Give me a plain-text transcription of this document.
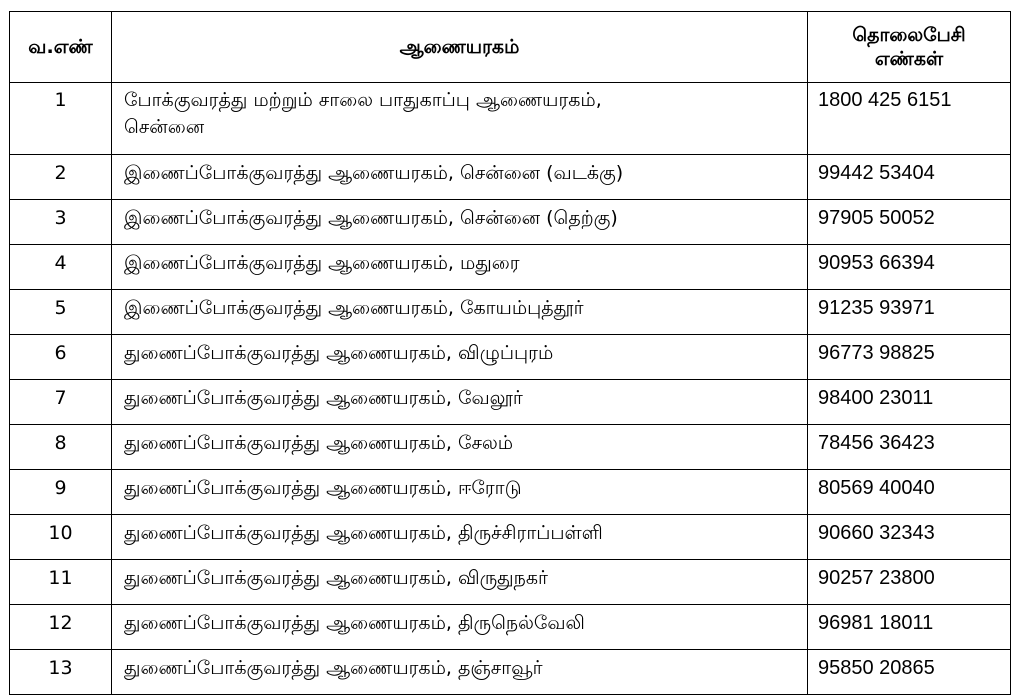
வ.எண்	ஆணையரகம்	தொலைபேசி
எண்கள்

1	போக்குவரத்து மற்றும் சாலை பாதுகாப்பு ஆணையரகம்,
சென்னை	1800 425 6151
2	இணைப்போக்குவரத்து ஆணையரகம், சென்னை (வடக்கு)	99442 53404
3	இணைப்போக்குவரத்து ஆணையரகம், சென்னை (தெற்கு)	97905 50052
4	இணைப்போக்குவரத்து ஆணையரகம், மதுரை	90953 66394
5	இணைப்போக்குவரத்து ஆணையரகம், கோயம்புத்தூர்	91235 93971
6	துணைப்போக்குவரத்து ஆணையரகம், விழுப்புரம்	96773 98825
7	துணைப்போக்குவரத்து ஆணையரகம், வேலூர்	98400 23011
8	துணைப்போக்குவரத்து ஆணையரகம், சேலம்	78456 36423
9	துணைப்போக்குவரத்து ஆணையரகம், ஈரோடு	80569 40040
10	துணைப்போக்குவரத்து ஆணையரகம், திருச்சிராப்பள்ளி	90660 32343
11	துணைப்போக்குவரத்து ஆணையரகம், விருதுநகர்	90257 23800
12	துணைப்போக்குவரத்து ஆணையரகம், திருநெல்வேலி	96981 18011
13	துணைப்போக்குவரத்து ஆணையரகம், தஞ்சாவூர்	95850 20865
